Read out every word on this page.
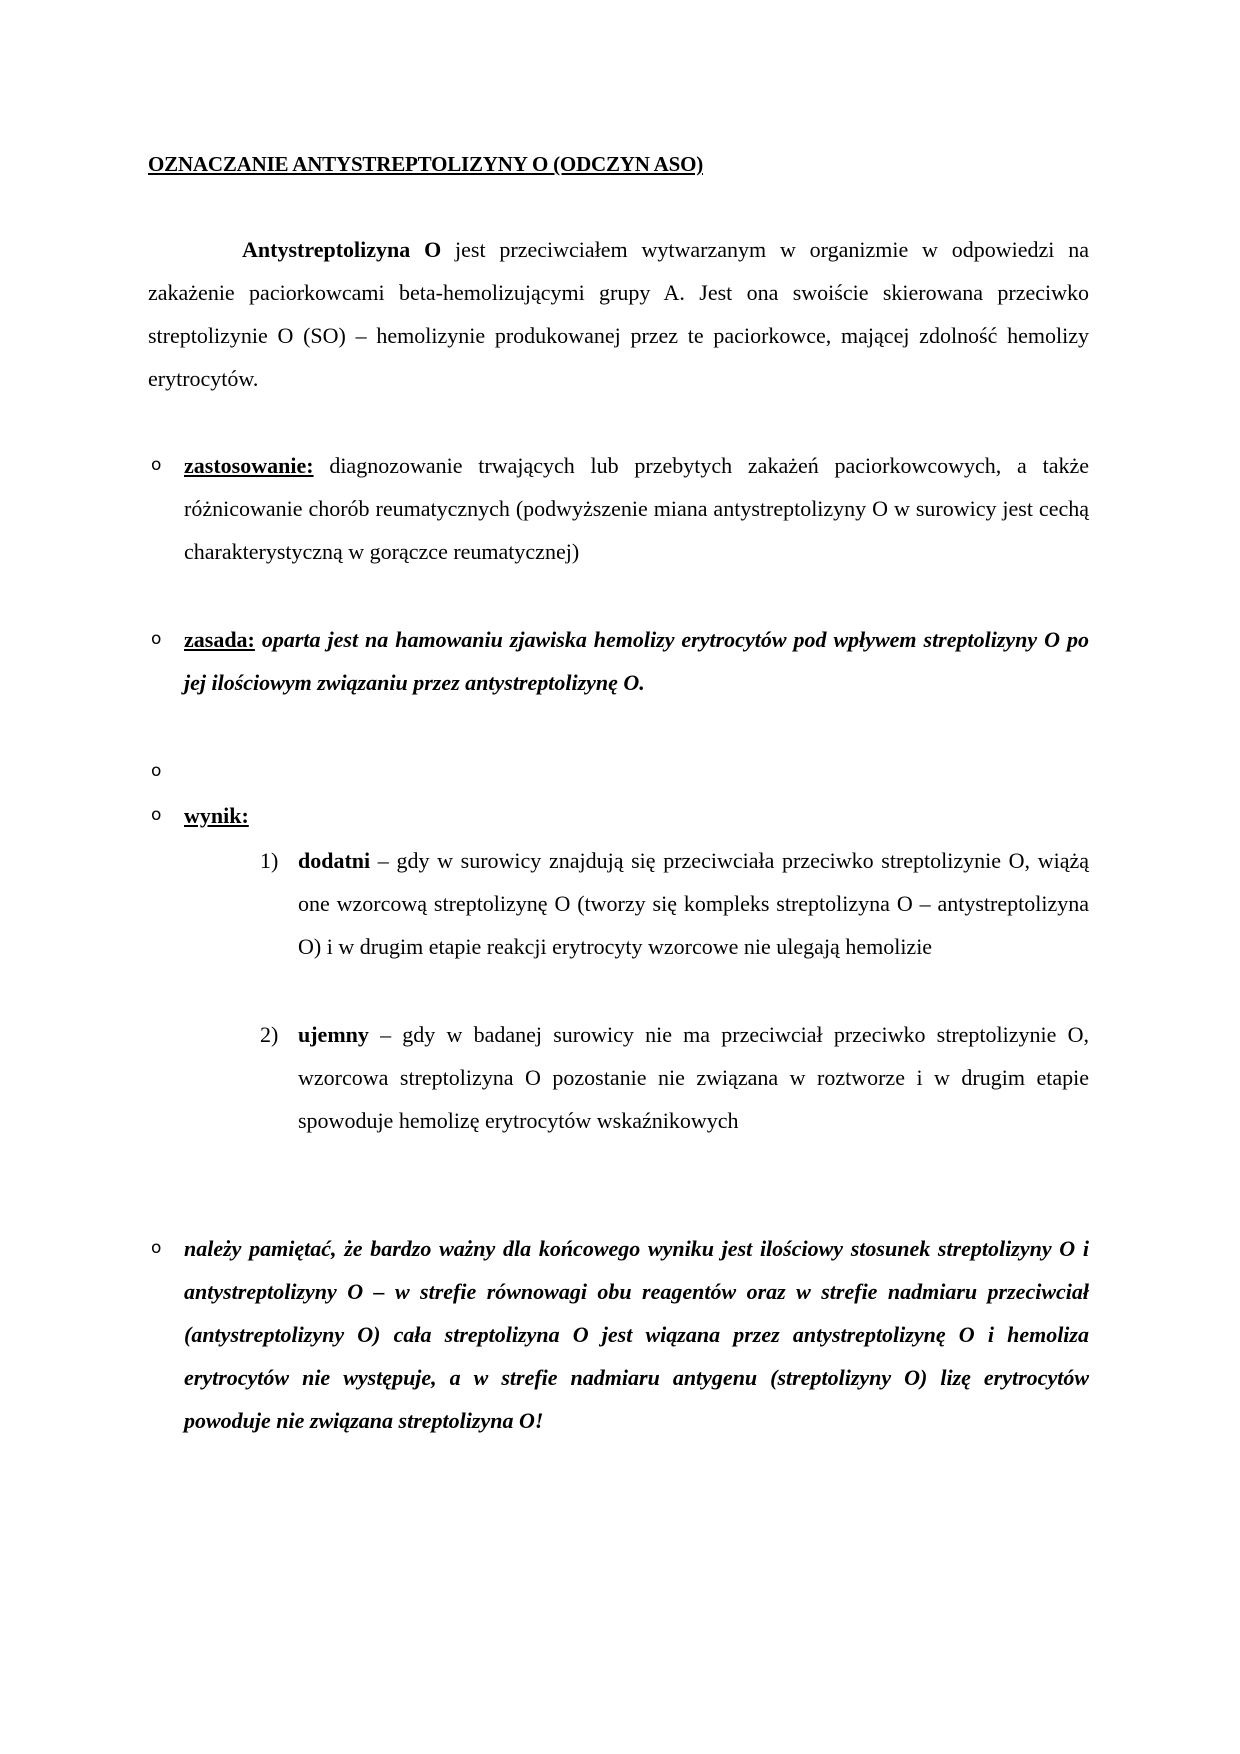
OZNACZANIE ANTYSTREPTOLIZYNY O (ODCZYN ASO)
Antystreptolizyna O jest przeciwciałem wytwarzanym w organizmie w odpowiedzi na zakażenie paciorkowcami beta-hemolizującymi grupy A. Jest ona swoiście skierowana przeciwko streptolizynie O (SO) – hemolizynie produkowanej przez te paciorkowce, mającej zdolność hemolizy erytrocytów.
o zastosowanie: diagnozowanie trwających lub przebytych zakażeń paciorkowcowych, a także różnicowanie chorób reumatycznych (podwyższenie miana antystreptolizyny O w surowicy jest cechą charakterystyczną w gorączce reumatycznej)
o zasada: oparta jest na hamowaniu zjawiska hemolizy erytrocytów pod wpływem streptolizyny O po jej ilościowym związaniu przez antystreptolizynę O.
o

o wynik:
1) dodatni – gdy w surowicy znajdują się przeciwciała przeciwko streptolizynie O, wiążą one wzorcową streptolizynę O (tworzy się kompleks streptolizyna O – antystreptolizyna O) i w drugim etapie reakcji erytrocyty wzorcowe nie ulegają hemolizie
2) ujemny – gdy w badanej surowicy nie ma przeciwciał przeciwko streptolizynie O, wzorcowa streptolizyna O pozostanie nie związana w roztworze i w drugim etapie spowoduje hemolizę erytrocytów wskaźnikowych
o należy pamiętać, że bardzo ważny dla końcowego wyniku jest ilościowy stosunek streptolizyny O i antystreptolizyny O – w strefie równowagi obu reagentów oraz w strefie nadmiaru przeciwciał (antystreptolizyny O) cała streptolizyna O jest wiązana przez antystreptolizynę O i hemoliza erytrocytów nie występuje, a w strefie nadmiaru antygenu (streptolizyny O) lizę erytrocytów powoduje nie związana streptolizyna O!
